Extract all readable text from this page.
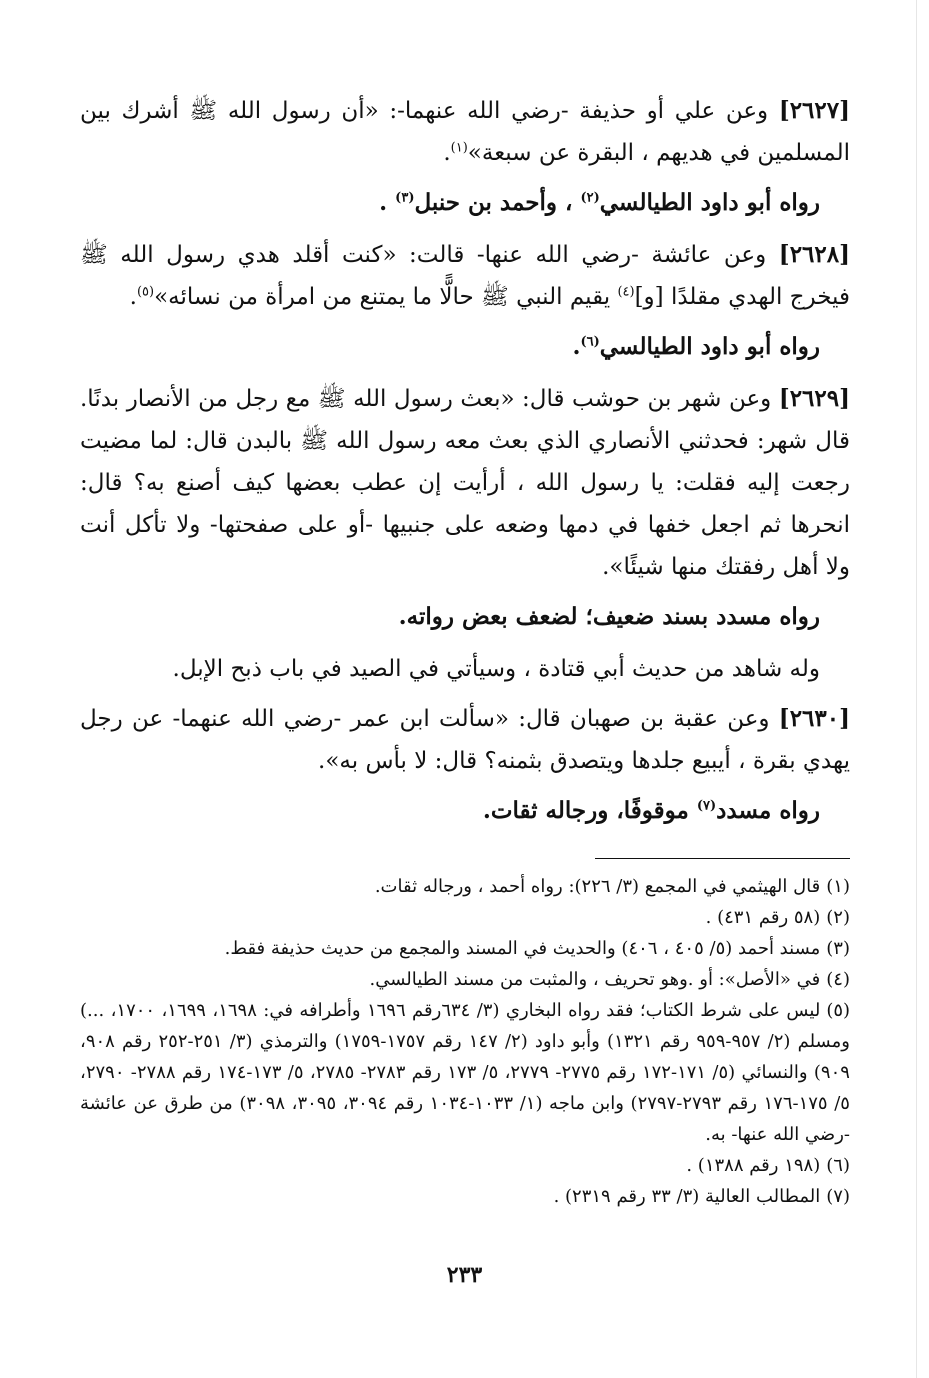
[٢٦٢٧] وعن علي أو حذيفة -رضي الله عنهما-: «أن رسول الله ﷺ أشرك بين المسلمين في هديهم ، البقرة عن سبعة»$^{(١)}$.

رواه أبو داود الطيالسي$^{(٢)}$ ، وأحمد بن حنبل$^{(٣)}$ .

[٢٦٢٨] وعن عائشة -رضي الله عنها- قالت: «كنت أقلد هدي رسول الله ﷺ فيخرج الهدي مقلدًا [و]$^{(٤)}$ يقيم النبي ﷺ حالًّا ما يمتنع من امرأة من نسائه»$^{(٥)}$.

رواه أبو داود الطيالسي$^{(٦)}$.

[٢٦٢٩] وعن شهر بن حوشب قال: «بعث رسول الله ﷺ مع رجل من الأنصار بدنًا. قال شهر: فحدثني الأنصاري الذي بعث معه رسول الله ﷺ بالبدن قال: لما مضيت رجعت إليه فقلت: يا رسول الله ، أرأيت إن عطب بعضها كيف أصنع به؟ قال: انحرها ثم اجعل خفها في دمها وضعه على جنبيها -أو على صفحتها- ولا تأكل أنت ولا أهل رفقتك منها شيئًا».

رواه مسدد بسند ضعيف؛ لضعف بعض رواته.

وله شاهد من حديث أبي قتادة ، وسيأتي في الصيد في باب ذبح الإبل.

[٢٦٣٠] وعن عقبة بن صهبان قال: «سألت ابن عمر -رضي الله عنهما- عن رجل يهدي بقرة ، أيبيع جلدها ويتصدق بثمنه؟ قال: لا بأس به».

رواه مسدد$^{(٧)}$ موقوفًا، ورجاله ثقات.

(١)قال الهيثمي في المجمع (٣/ ٢٢٦): رواه أحمد ، ورجاله ثقات.

(٢)(٥٨ رقم ٤٣١) .

(٣)مسند أحمد (٥/ ٤٠٥ ، ٤٠٦) والحديث في المسند والمجمع من حديث حذيفة فقط.

(٤)في «الأصل»: أو .وهو تحريف ، والمثبت من مسند الطيالسي.

(٥)ليس على شرط الكتاب؛ فقد رواه البخاري (٣/ ٦٣٤رقم ١٦٩٦ وأطرافه في: ١٦٩٨، ١٦٩٩، ١٧٠٠، ...) ومسلم (٢/ ٩٥٧-٩٥٩ رقم ١٣٢١) وأبو داود (٢/ ١٤٧ رقم ١٧٥٧-١٧٥٩) والترمذي (٣/ ٢٥١-٢٥٢ رقم ٩٠٨، ٩٠٩) والنسائي (٥/ ١٧١-١٧٢ رقم ٢٧٧٥- ٢٧٧٩، ٥/ ١٧٣ رقم ٢٧٨٣- ٢٧٨٥، ٥/ ١٧٣-١٧٤ رقم ٢٧٨٨- ٢٧٩٠، ٥/ ١٧٥-١٧٦ رقم ٢٧٩٣-٢٧٩٧) وابن ماجه (١/ ١٠٣٣-١٠٣٤ رقم ٣٠٩٤، ٣٠٩٥، ٣٠٩٨) من طرق عن عائشة -رضي الله عنها- به.

(٦)(١٩٨ رقم ١٣٨٨) .

(٧)المطالب العالية (٣/ ٣٣ رقم ٢٣١٩) .

٢٣٣
